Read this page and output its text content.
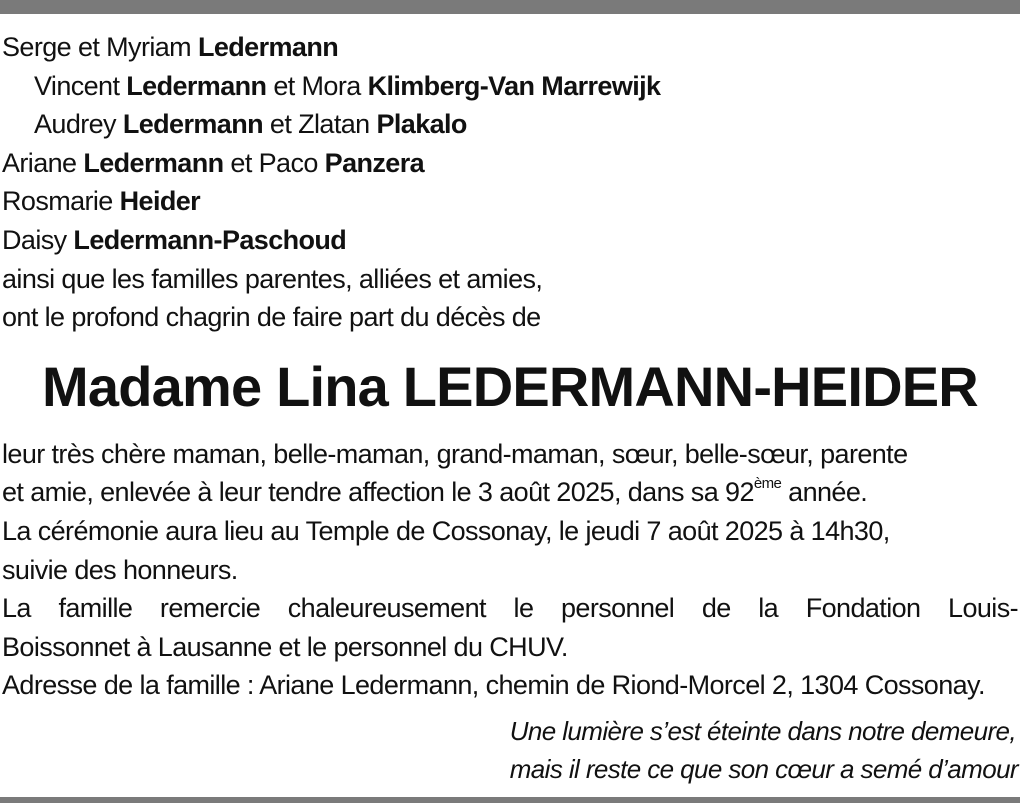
Serge et Myriam Ledermann
Vincent Ledermann et Mora Klimberg-Van Marrewijk
Audrey Ledermann et Zlatan Plakalo
Ariane Ledermann et Paco Panzera
Rosmarie Heider
Daisy Ledermann-Paschoud
ainsi que les familles parentes, alliées et amies,
ont le profond chagrin de faire part du décès de
Madame Lina LEDERMANN-HEIDER
leur très chère maman, belle-maman, grand-maman, sœur, belle-sœur, parente
et amie, enlevée à leur tendre affection le 3 août 2025, dans sa 92ème année.
La cérémonie aura lieu au Temple de Cossonay, le jeudi 7 août 2025 à 14h30,
suivie des honneurs.
La famille remercie chaleureusement le personnel de la Fondation Louis-
Boissonnet à Lausanne et le personnel du CHUV.
Adresse de la famille : Ariane Ledermann, chemin de Riond-Morcel 2, 1304 Cossonay.
Une lumière s’est éteinte dans notre demeure,
mais il reste ce que son cœur a semé d’amour
